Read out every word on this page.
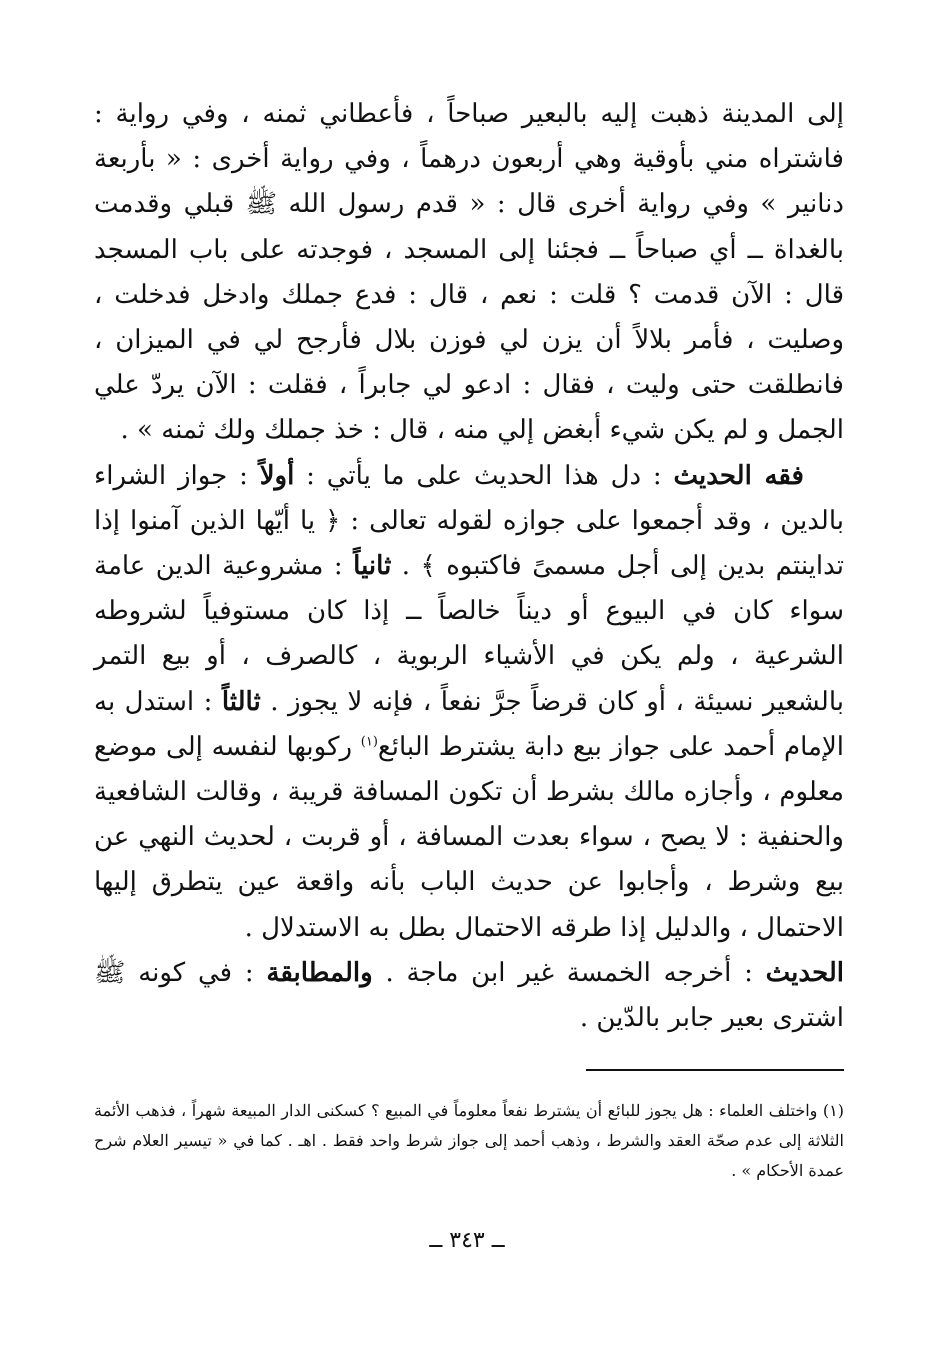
إلى المدينة ذهبت إليه بالبعير صباحاً ، فأعطاني ثمنه ، وفي رواية : فاشتراه مني بأوقية وهي أربعون درهماً ، وفي رواية أخرى : « بأربعة دنانير » وفي رواية أخرى قال : « قدم رسول الله ﷺ قبلي وقدمت بالغداة ــ أي صباحاً ــ فجئنا إلى المسجد ، فوجدته على باب المسجد قال : الآن قدمت ؟ قلت : نعم ، قال : فدع جملك وادخل فدخلت ، وصليت ، فأمر بلالاً أن يزن لي فوزن بلال فأرجح لي في الميزان ، فانطلقت حتى وليت ، فقال : ادعو لي جابراً ، فقلت : الآن يردّ علي الجمل و لم يكن شيء أبغض إلي منه ، قال : خذ جملك ولك ثمنه » .

فقه الحديث : دل هذا الحديث على ما يأتي : أولاً : جواز الشراء بالدين ، وقد أجمعوا على جوازه لقوله تعالى : ﴿ يا أيّها الذين آمنوا إذا تداينتم بدين إلى أجل مسمىً فاكتبوه ﴾ . ثانياً : مشروعية الدين عامة سواء كان في البيوع أو ديناً خالصاً ــ إذا كان مستوفياً لشروطه الشرعية ، ولم يكن في الأشياء الربوية ، كالصرف ، أو بيع التمر بالشعير نسيئة ، أو كان قرضاً جرَّ نفعاً ، فإنه لا يجوز . ثالثاً : استدل به الإمام أحمد على جواز بيع دابة يشترط البائع$^{(١)}$ ركوبها لنفسه إلى موضع معلوم ، وأجازه مالك بشرط أن تكون المسافة قريبة ، وقالت الشافعية والحنفية : لا يصح ، سواء بعدت المسافة ، أو قربت ، لحديث النهي عن بيع وشرط ، وأجابوا عن حديث الباب بأنه واقعة عين يتطرق إليها الاحتمال ، والدليل إذا طرقه الاحتمال بطل به الاستدلال .

الحديث : أخرجه الخمسة غير ابن ماجة . والمطابقة : في كونه ﷺ اشترى بعير جابر بالدّين .

(١) واختلف العلماء : هل يجوز للبائع أن يشترط نفعاً معلوماً في المبيع ؟ كسكنى الدار المبيعة شهراً ، فذهب الأئمة الثلاثة إلى عدم صحّة العقد والشرط ، وذهب أحمد إلى جواز شرط واحد فقط . اهـ . كما في « تيسير العلام شرح عمدة الأحكام » .

ــ ٣٤٣ ــ
